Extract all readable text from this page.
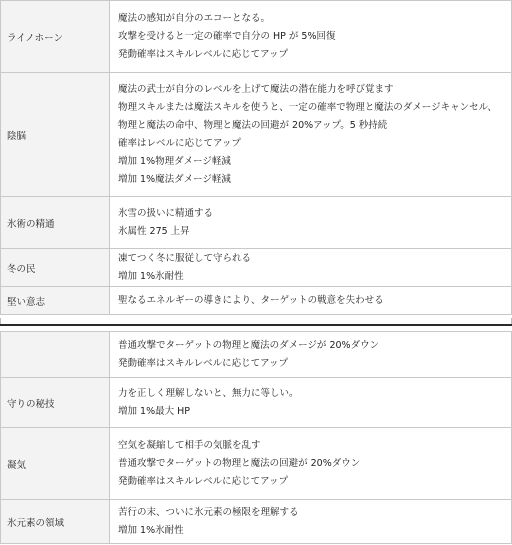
ライノホーン
魔法の感知が自分のエコーとなる。
攻撃を受けると一定の確率で自分の HP が 5%回復
発動確率はスキルレベルに応じてアップ
陰脳
魔法の武士が自分のレベルを上げて魔法の潜在能力を呼び覚ます
物理スキルまたは魔法スキルを使うと、一定の確率で物理と魔法のダメージキャンセル、
物理と魔法の命中、物理と魔法の回避が 20%アップ。5 秒持続
確率はレベルに応じてアップ
増加 1%物理ダメージ軽減
増加 1%魔法ダメージ軽減
氷術の精通
氷雪の扱いに精通する
氷属性 275 上昇
冬の民
凍てつく冬に服従して守られる
増加 1%氷耐性
堅い意志	聖なるエネルギーの導きにより、ターゲットの戦意を失わせる
普通攻撃でターゲットの物理と魔法のダメージが 20%ダウン
発動確率はスキルレベルに応じてアップ
守りの秘技
力を正しく理解しないと、無力に等しい。
増加 1%最大 HP
凝気
空気を凝縮して相手の気脈を乱す
普通攻撃でターゲットの物理と魔法の回避が 20%ダウン
発動確率はスキルレベルに応じてアップ
氷元素の領域
苦行の末、ついに氷元素の極限を理解する
増加 1%氷耐性
